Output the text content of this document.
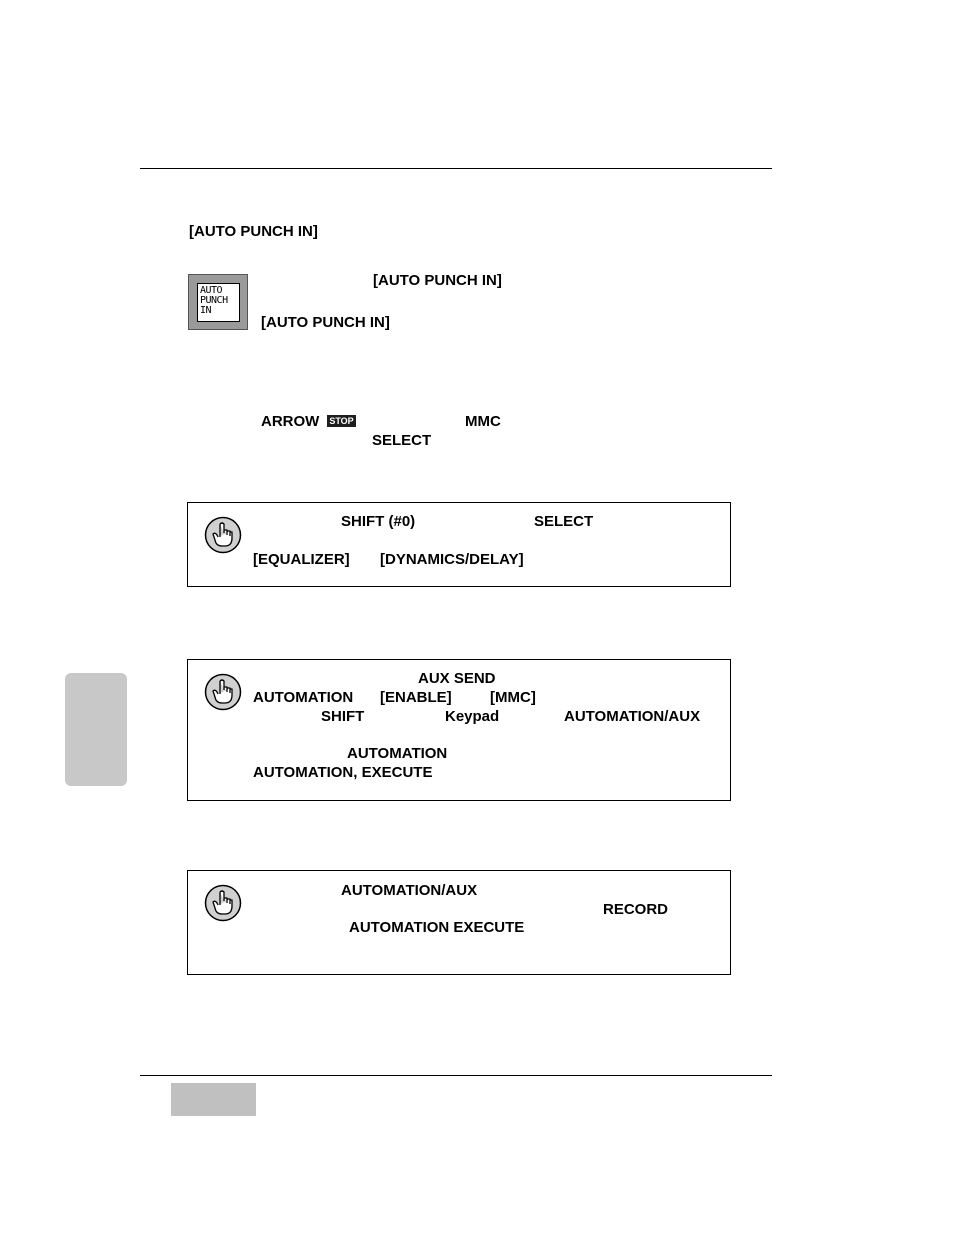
[AUTO PUNCH IN]
AUTO
PUNCH
IN
[AUTO PUNCH IN]
[AUTO PUNCH IN]
ARROW STOP	MMC
SELECT
SHIFT (#0)	SELECT
[EQUALIZER] [DYNAMICS/DELAY]
AUX SEND
AUTOMATION [ENABLE]	[MMC]
SHIFT	Keypad	AUTOMATION/AUX
AUTOMATION
AUTOMATION, EXECUTE
AUTOMATION/AUX
RECORD
AUTOMATION EXECUTE
